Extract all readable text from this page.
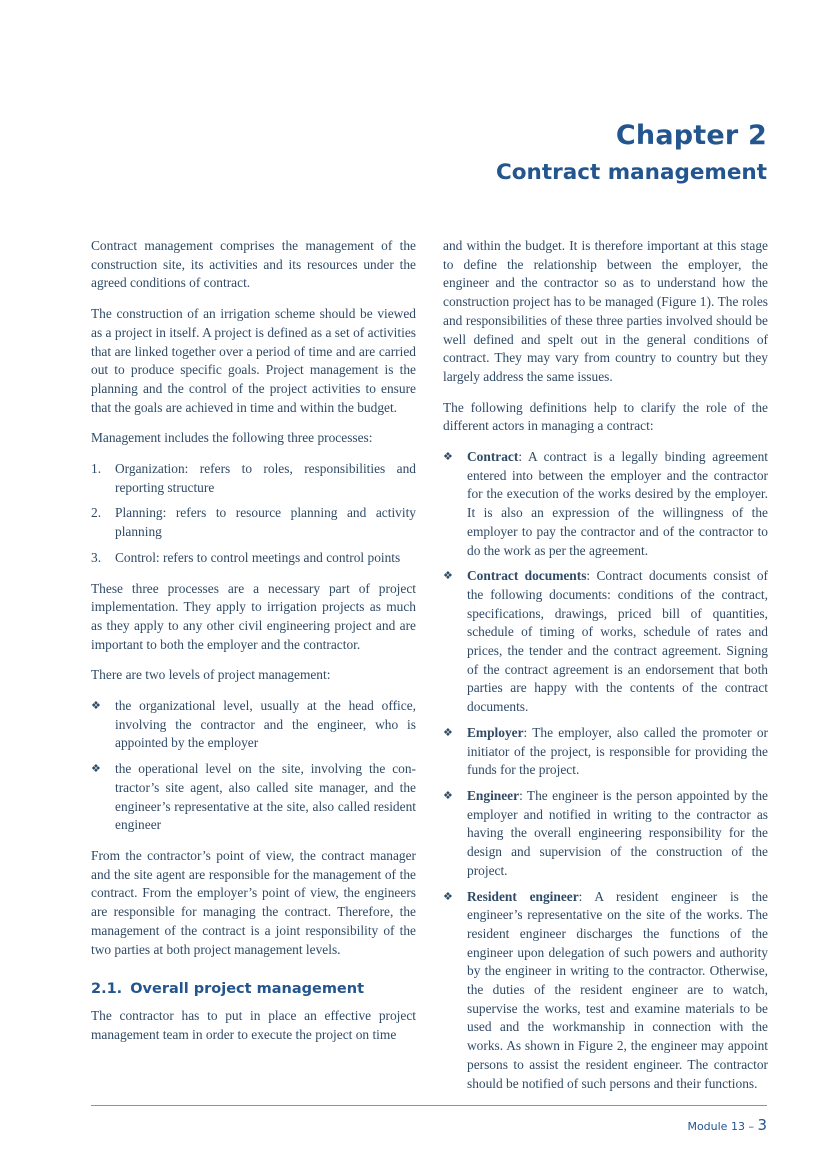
Chapter 2
Contract management

Contract management comprises the management of the construction site, its activities and its resources under the agreed conditions of contract.

The construction of an irrigation scheme should be viewed as a project in itself. A project is defined as a set of activities that are linked together over a period of time and are carried out to produce specific goals. Project management is the planning and the control of the project activities to ensure that the goals are achieved in time and within the budget.

Management includes the following three processes:

1.	Organization: refers to roles, responsibilities and reporting structure
2.	Planning: refers to resource planning and activity planning
3.	Control: refers to control meetings and control points

These three processes are a necessary part of project implementation. They apply to irrigation projects as much as they apply to any other civil engineering project and are important to both the employer and the contractor.

There are two levels of project management:

❖	the organizational level, usually at the head office, involving the contractor and the engineer, who is appointed by the employer
❖	the operational level on the site, involving the con-tractor’s site agent, also called site manager, and the engineer’s representative at the site, also called resident engineer

From the contractor’s point of view, the contract manager and the site agent are responsible for the management of the contract. From the employer’s point of view, the engineers are responsible for managing the contract. Therefore, the management of the contract is a joint responsibility of the two parties at both project management levels.

2.1. Overall project management

The contractor has to put in place an effective project management team in order to execute the project on time

and within the budget. It is therefore important at this stage to define the relationship between the employer, the engineer and the contractor so as to understand how the construction project has to be managed (Figure 1). The roles and responsibilities of these three parties involved should be well defined and spelt out in the general conditions of contract. They may vary from country to country but they largely address the same issues.

The following definitions help to clarify the role of the different actors in managing a contract:

❖	Contract: A contract is a legally binding agreement entered into between the employer and the contractor for the execution of the works desired by the employer. It is also an expression of the willingness of the employer to pay the contractor and of the contractor to do the work as per the agreement.
❖	Contract documents: Contract documents consist of the following documents: conditions of the contract, specifications, drawings, priced bill of quantities, schedule of timing of works, schedule of rates and prices, the tender and the contract agreement. Signing of the contract agreement is an endorsement that both parties are happy with the contents of the contract documents.
❖	Employer: The employer, also called the promoter or initiator of the project, is responsible for providing the funds for the project.
❖	Engineer: The engineer is the person appointed by the employer and notified in writing to the contractor as having the overall engineering responsibility for the design and supervision of the construction of the project.
❖	Resident engineer: A resident engineer is the engineer’s representative on the site of the works. The resident engineer discharges the functions of the engineer upon delegation of such powers and authority by the engineer in writing to the contractor. Otherwise, the duties of the resident engineer are to watch, supervise the works, test and examine materials to be used and the workmanship in connection with the works. As shown in Figure 2, the engineer may appoint persons to assist the resident engineer. The contractor should be notified of such persons and their functions.
Module 13 – 3
